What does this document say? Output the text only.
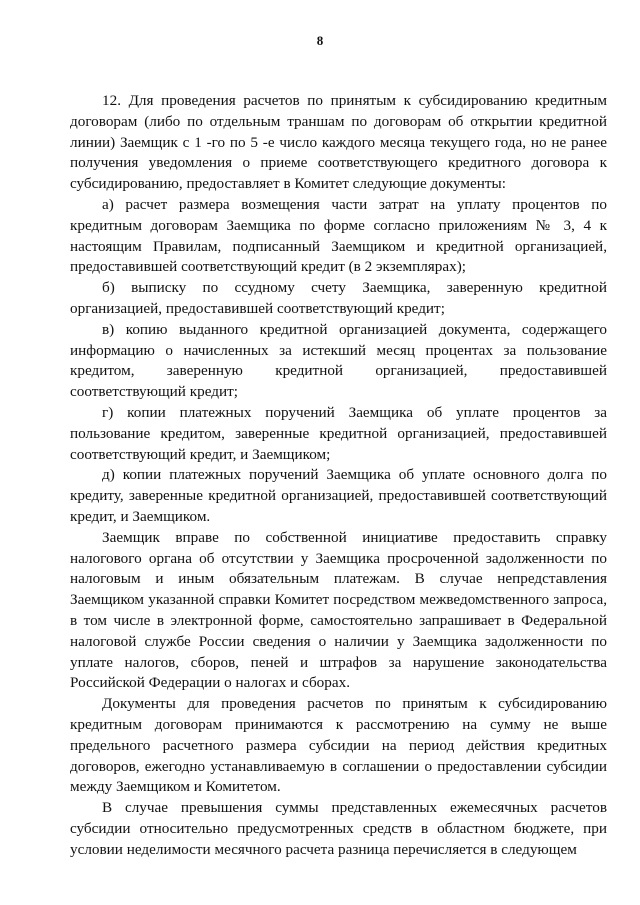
8

12. Для проведения расчетов по принятым к субсидированию кредитным договорам (либо по отдельным траншам по договорам об открытии кредитной линии) Заемщик с 1 -го по 5 -е число каждого месяца текущего года, но не ранее получения уведомления о приеме соответствующего кредитного договора к субсидированию, предоставляет в Комитет следующие документы:

а) расчет размера возмещения части затрат на уплату процентов по кредитным договорам Заемщика по форме согласно приложениям № 3, 4 к настоящим Правилам, подписанный Заемщиком и кредитной организацией, предоставившей соответствующий кредит (в 2 экземплярах);

б) выписку по ссудному счету Заемщика, заверенную кредитной организацией, предоставившей соответствующий кредит;

в) копию выданного кредитной организацией документа, содержащего информацию о начисленных за истекший месяц процентах за пользование кредитом, заверенную кредитной организацией, предоставившей соответствующий кредит;

г) копии платежных поручений Заемщика об уплате процентов за пользование кредитом, заверенные кредитной организацией, предоставившей соответствующий кредит, и Заемщиком;

д) копии платежных поручений Заемщика об уплате основного долга по кредиту, заверенные кредитной организацией, предоставившей соответствующий кредит, и Заемщиком.

Заемщик вправе по собственной инициативе предоставить справку налогового органа об отсутствии у Заемщика просроченной задолженности по налоговым и иным обязательным платежам. В случае непредставления Заемщиком указанной справки Комитет посредством межведомственного запроса, в том числе в электронной форме, самостоятельно запрашивает в Федеральной налоговой службе России сведения о наличии у Заемщика задолженности по уплате налогов, сборов, пеней и штрафов за нарушение законодательства Российской Федерации о налогах и сборах.

Документы для проведения расчетов по принятым к субсидированию кредитным договорам принимаются к рассмотрению на сумму не выше предельного расчетного размера субсидии на период действия кредитных договоров, ежегодно устанавливаемую в соглашении о предоставлении субсидии между Заемщиком и Комитетом.

В случае превышения суммы представленных ежемесячных расчетов субсидии относительно предусмотренных средств в областном бюджете, при условии неделимости месячного расчета разница перечисляется в следующем
